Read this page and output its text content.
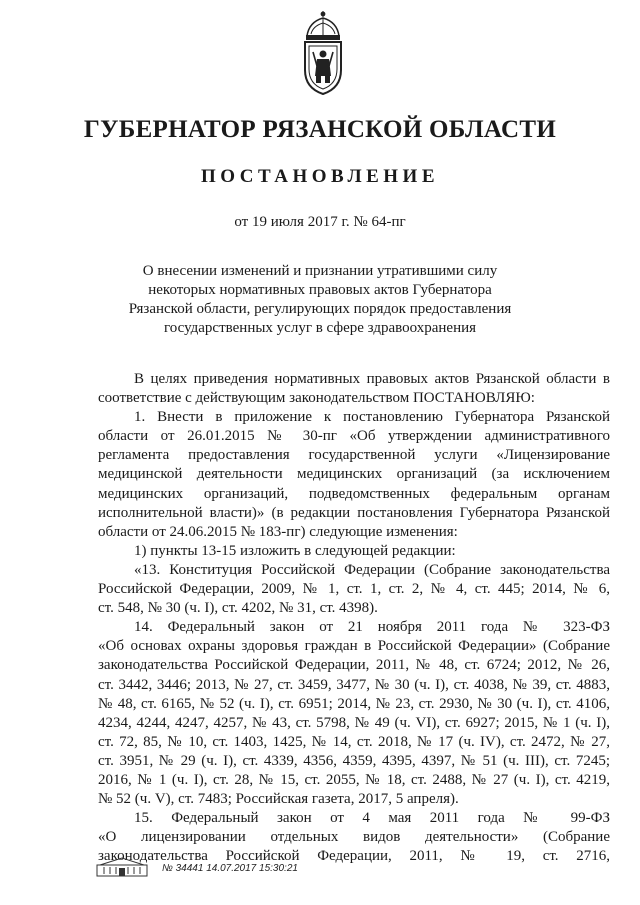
ГУБЕРНАТОР РЯЗАНСКОЙ ОБЛАСТИ
ПОСТАНОВЛЕНИЕ
от 19 июля 2017 г. № 64-пг
О внесении изменений и признании утратившими силу
некоторых нормативных правовых актов Губернатора
Рязанской области, регулирующих порядок предоставления
государственных услуг в сфере здравоохранения
В целях приведения нормативных правовых актов Рязанской области в
соответствие с действующим законодательством ПОСТАНОВЛЯЮ:
1. Внести в приложение к постановлению Губернатора Рязанской
области от 26.01.2015 № 30-пг «Об утверждении административного
регламента предоставления государственной услуги «Лицензирование
медицинской деятельности медицинских организаций (за исключением
медицинских организаций, подведомственных федеральным органам
исполнительной власти)» (в редакции постановления Губернатора Рязанской
области от 24.06.2015 № 183-пг) следующие изменения:
1) пункты 13-15 изложить в следующей редакции:
«13. Конституция Российской Федерации (Собрание законодательства
Российской Федерации, 2009, № 1, ст. 1, ст. 2, № 4, ст. 445; 2014, № 6,
ст. 548, № 30 (ч. I), ст. 4202, № 31, ст. 4398).
14. Федеральный закон от 21 ноября 2011 года № 323-ФЗ
«Об основах охраны здоровья граждан в Российской Федерации» (Собрание
законодательства Российской Федерации, 2011, № 48, ст. 6724; 2012, № 26,
ст. 3442, 3446; 2013, № 27, ст. 3459, 3477, № 30 (ч. I), ст. 4038, № 39, ст. 4883,
№ 48, ст. 6165, № 52 (ч. I), ст. 6951; 2014, № 23, ст. 2930, № 30 (ч. I), ст. 4106,
4234, 4244, 4247, 4257, № 43, ст. 5798, № 49 (ч. VI), ст. 6927; 2015, № 1 (ч. I),
ст. 72, 85, № 10, ст. 1403, 1425, № 14, ст. 2018, № 17 (ч. IV), ст. 2472, № 27,
ст. 3951, № 29 (ч. I), ст. 4339, 4356, 4359, 4395, 4397, № 51 (ч. III), ст. 7245;
2016, № 1 (ч. I), ст. 28, № 15, ст. 2055, № 18, ст. 2488, № 27 (ч. I), ст. 4219,
№ 52 (ч. V), ст. 7483; Российская газета, 2017, 5 апреля).
15. Федеральный закон от 4 мая 2011 года № 99-ФЗ
«О лицензировании отдельных видов деятельности» (Собрание
законодательства Российской Федерации, 2011, № 19, ст. 2716,
№ 34441 14.07.2017 15:30:21
